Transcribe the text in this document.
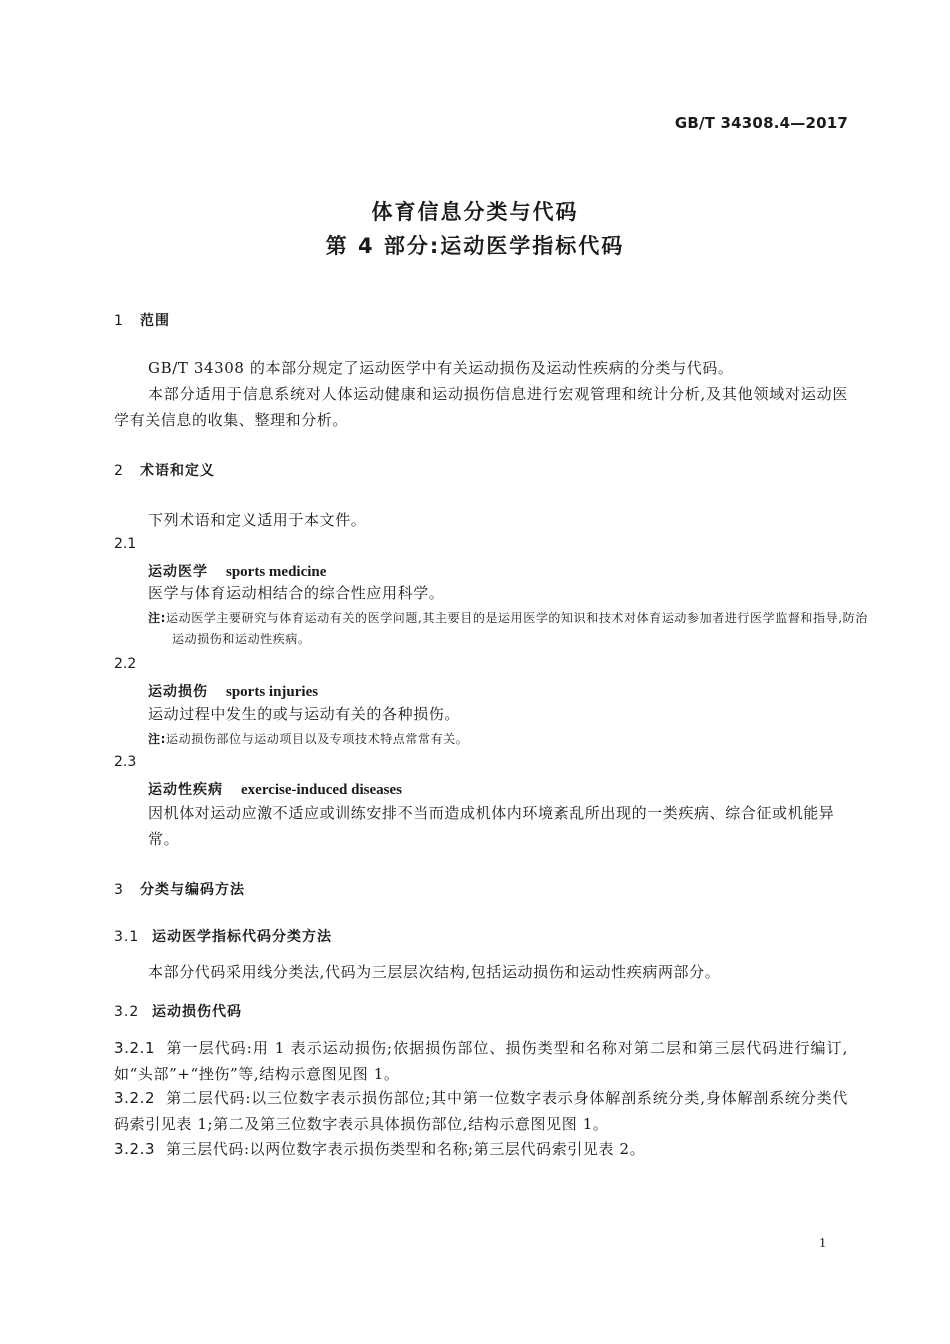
GB/T 34308.4—2017
体育信息分类与代码
第 4 部分:运动医学指标代码
1 范围
GB/T 34308 的本部分规定了运动医学中有关运动损伤及运动性疾病的分类与代码。
本部分适用于信息系统对人体运动健康和运动损伤信息进行宏观管理和统计分析,及其他领域对运动医学有关信息的收集、整理和分析。
2 术语和定义
下列术语和定义适用于本文件。
2.1
运动医学 sports medicine
医学与体育运动相结合的综合性应用科学。
注:运动医学主要研究与体育运动有关的医学问题,其主要目的是运用医学的知识和技术对体育运动参加者进行医学监督和指导,防治运动损伤和运动性疾病。
2.2
运动损伤 sports injuries
运动过程中发生的或与运动有关的各种损伤。
注:运动损伤部位与运动项目以及专项技术特点常常有关。
2.3
运动性疾病 exercise-induced diseases
因机体对运动应激不适应或训练安排不当而造成机体内环境紊乱所出现的一类疾病、综合征或机能异常。
3 分类与编码方法
3.1 运动医学指标代码分类方法
本部分代码采用线分类法,代码为三层层次结构,包括运动损伤和运动性疾病两部分。
3.2 运动损伤代码
3.2.1 第一层代码:用 1 表示运动损伤;依据损伤部位、损伤类型和名称对第二层和第三层代码进行编订,如“头部”+“挫伤”等,结构示意图见图 1。
3.2.2 第二层代码:以三位数字表示损伤部位;其中第一位数字表示身体解剖系统分类,身体解剖系统分类代码索引见表 1;第二及第三位数字表示具体损伤部位,结构示意图见图 1。
3.2.3 第三层代码:以两位数字表示损伤类型和名称;第三层代码索引见表 2。
1
